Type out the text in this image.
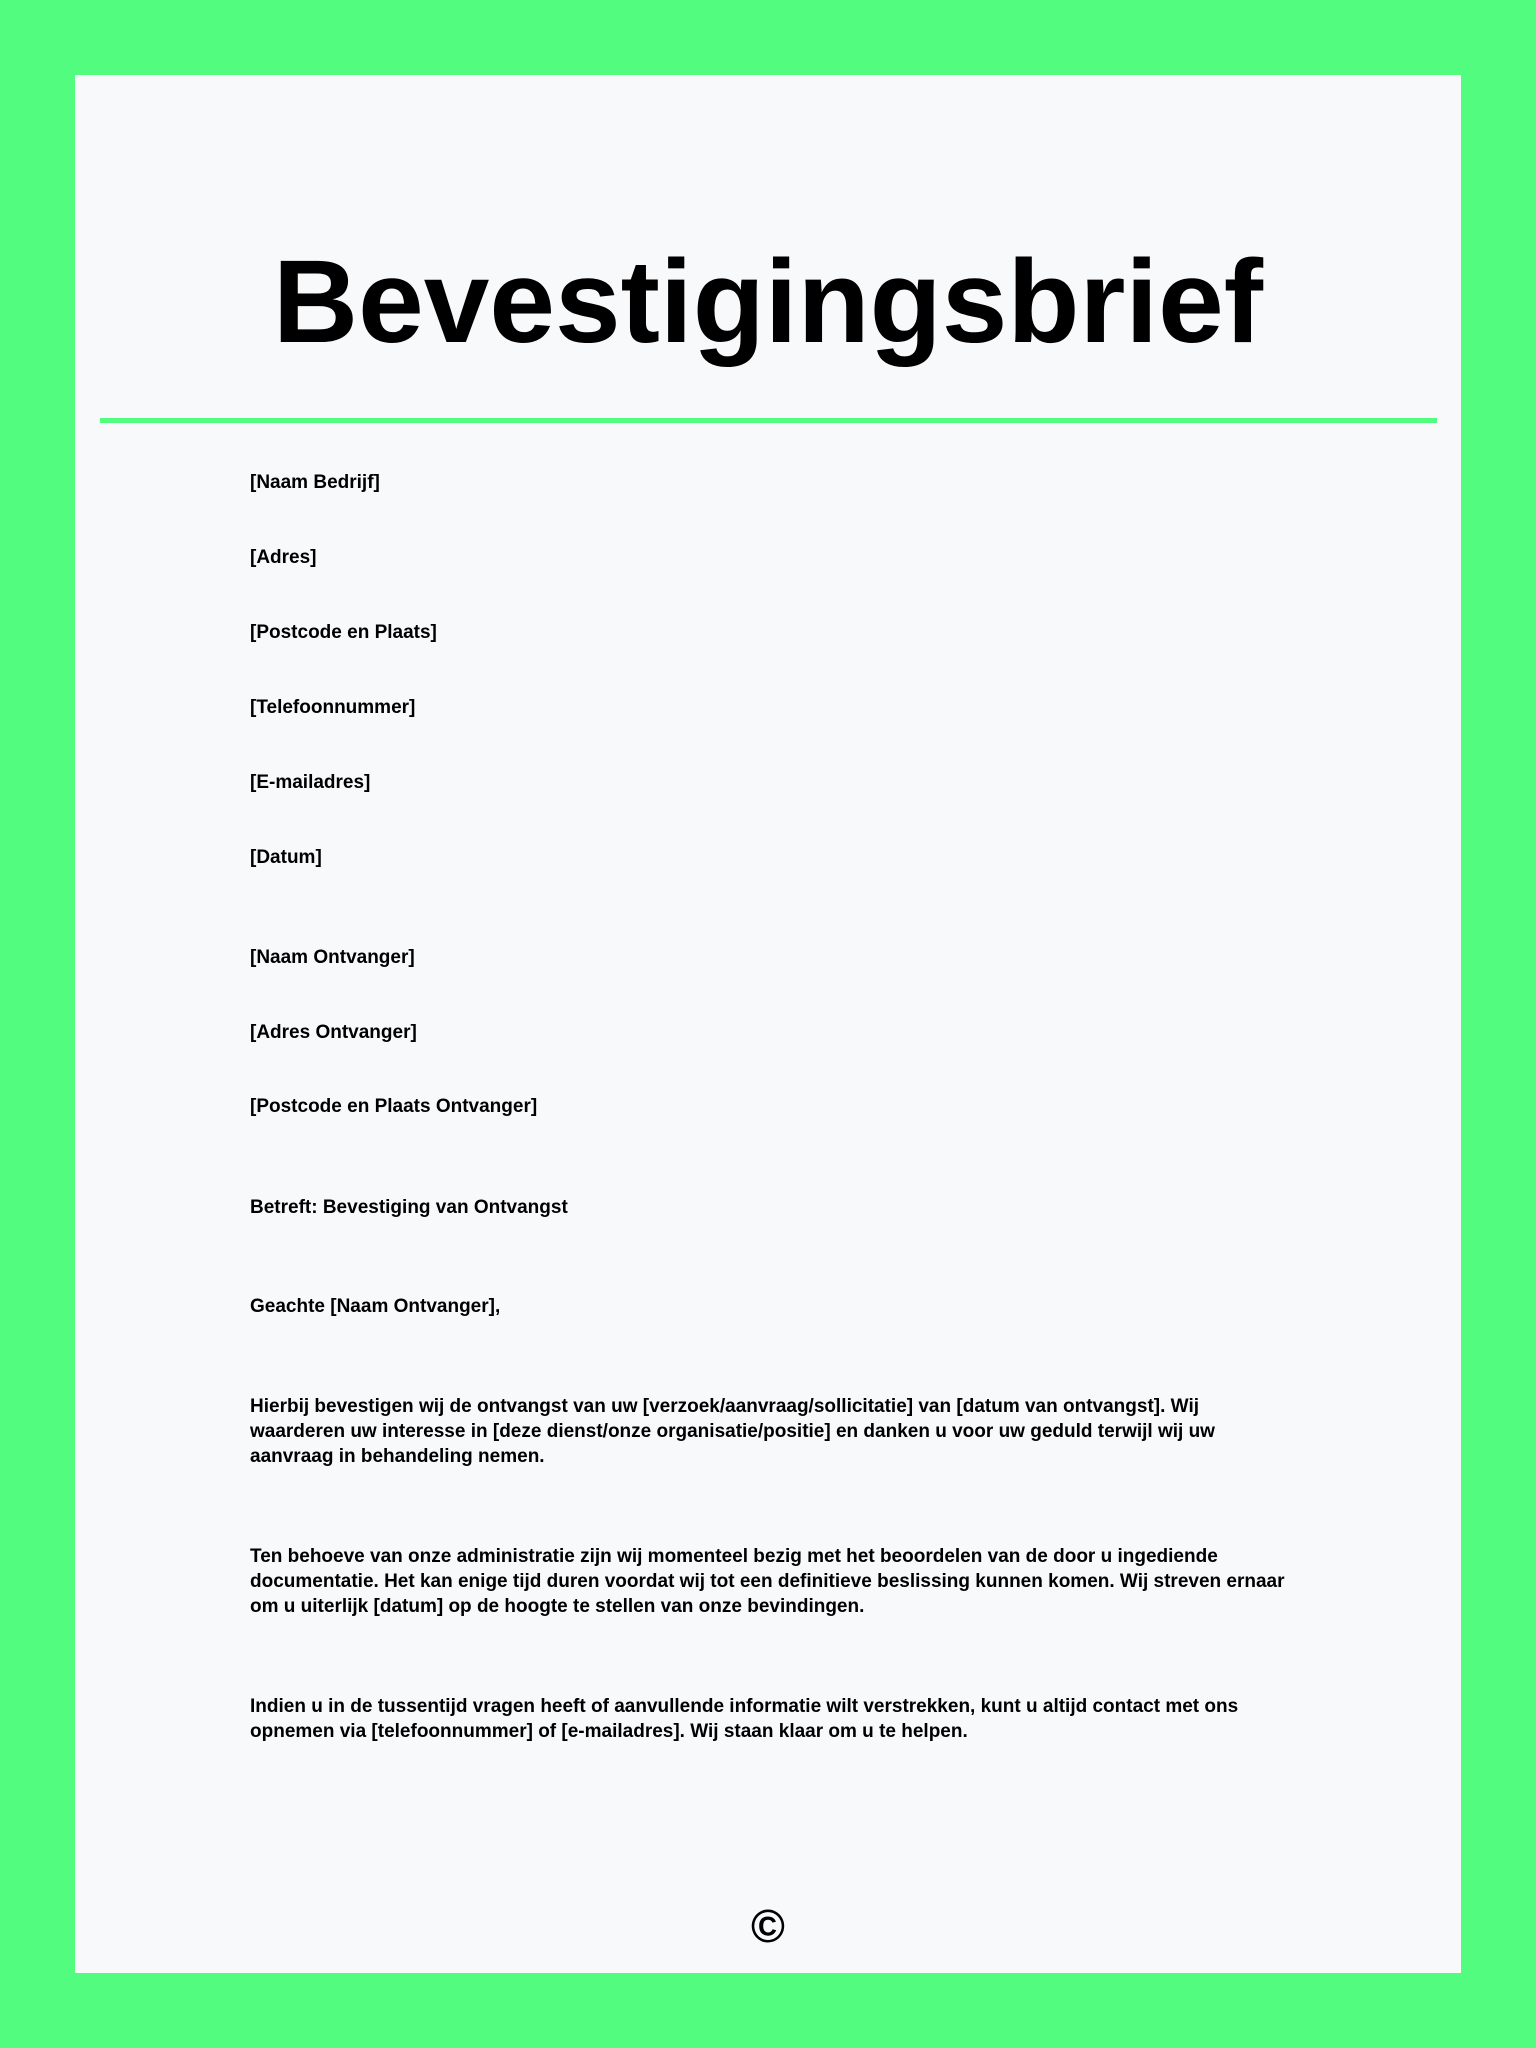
Bevestigingsbrief

[Naam Bedrijf]

[Adres]

[Postcode en Plaats]

[Telefoonnummer]

[E-mailadres]

[Datum]

[Naam Ontvanger]

[Adres Ontvanger]

[Postcode en Plaats Ontvanger]

Betreft: Bevestiging van Ontvangst

Geachte [Naam Ontvanger],

Hierbij bevestigen wij de ontvangst van uw [verzoek/aanvraag/sollicitatie] van [datum van ontvangst]. Wij waarderen uw interesse in [deze dienst/onze organisatie/positie] en danken u voor uw geduld terwijl wij uw aanvraag in behandeling nemen.

Ten behoeve van onze administratie zijn wij momenteel bezig met het beoordelen van de door u ingediende documentatie. Het kan enige tijd duren voordat wij tot een definitieve beslissing kunnen komen. Wij streven ernaar om u uiterlijk [datum] op de hoogte te stellen van onze bevindingen.

Indien u in de tussentijd vragen heeft of aanvullende informatie wilt verstrekken, kunt u altijd contact met ons opnemen via [telefoonnummer] of [e-mailadres]. Wij staan klaar om u te helpen.

©
